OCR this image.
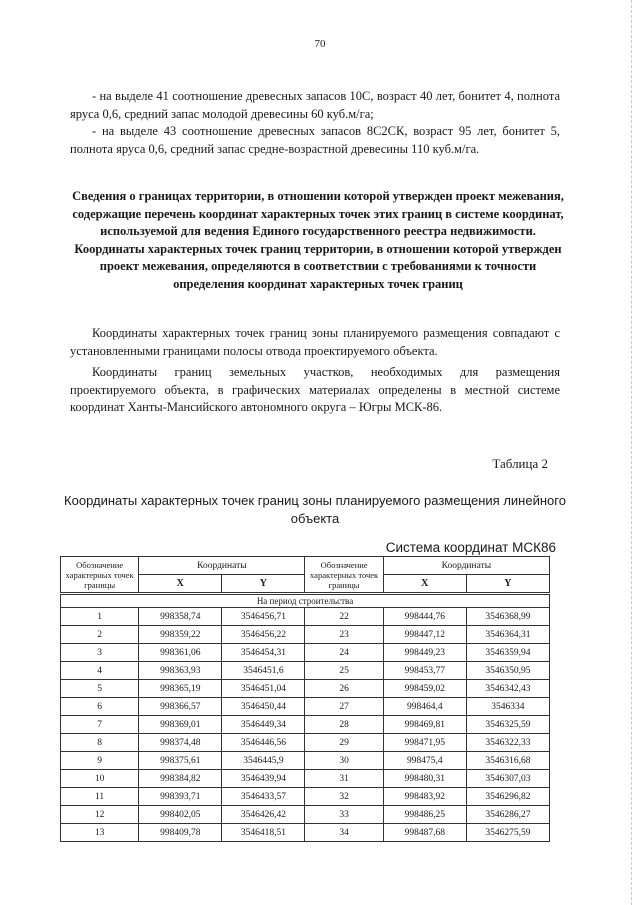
70

- на выделе 41 соотношение древесных запасов 10С, возраст 40 лет, бонитет 4, полнота яруса 0,6, средний запас молодой древесины 60 куб.м/га;

- на выделе 43 соотношение древесных запасов 8С2СК, возраст 95 лет, бонитет 5, полнота яруса 0,6, средний запас средне-возрастной древесины 110 куб.м/га.

Сведения о границах территории, в отношении которой утвержден проект межевания, содержащие перечень координат характерных точек этих границ в системе координат, используемой для ведения Единого государственного реестра недвижимости. Координаты характерных точек границ территории, в отношении которой утвержден проект межевания, определяются в соответствии с требованиями к точности определения координат характерных точек границ

Координаты характерных точек границ зоны планируемого размещения совпадают с установленными границами полосы отвода проектируемого объекта.

Координаты границ земельных участков, необходимых для размещения проектируемого объекта, в графических материалах определены в местной системе координат Ханты-Мансийского автономного округа – Югры МСК-86.

Таблица 2
Координаты характерных точек границ зоны планируемого размещения линейного объекта
Система координат МСК86
Обозначение характерных точек границы	Координаты		Обозначение характерных точек границы	Координаты	
	X	Y		X	Y
На период строительства					
1	998358,74	3546456,71	22	998444,76	3546368,99
2	998359,22	3546456,22	23	998447,12	3546364,31
3	998361,06	3546454,31	24	998449,23	3546359,94
4	998363,93	3546451,6	25	998453,77	3546350,95
5	998365,19	3546451,04	26	998459,02	3546342,43
6	998366,57	3546450,44	27	998464,4	3546334
7	998369,01	3546449,34	28	998469,81	3546325,59
8	998374,48	3546446,56	29	998471,95	3546322,33
9	998375,61	3546445,9	30	998475,4	3546316,68
10	998384,82	3546439,94	31	998480,31	3546307,03
11	998393,71	3546433,57	32	998483,92	3546296,82
12	998402,05	3546426,42	33	998486,25	3546286,27
13	998409,78	3546418,51	34	998487,68	3546275,59
